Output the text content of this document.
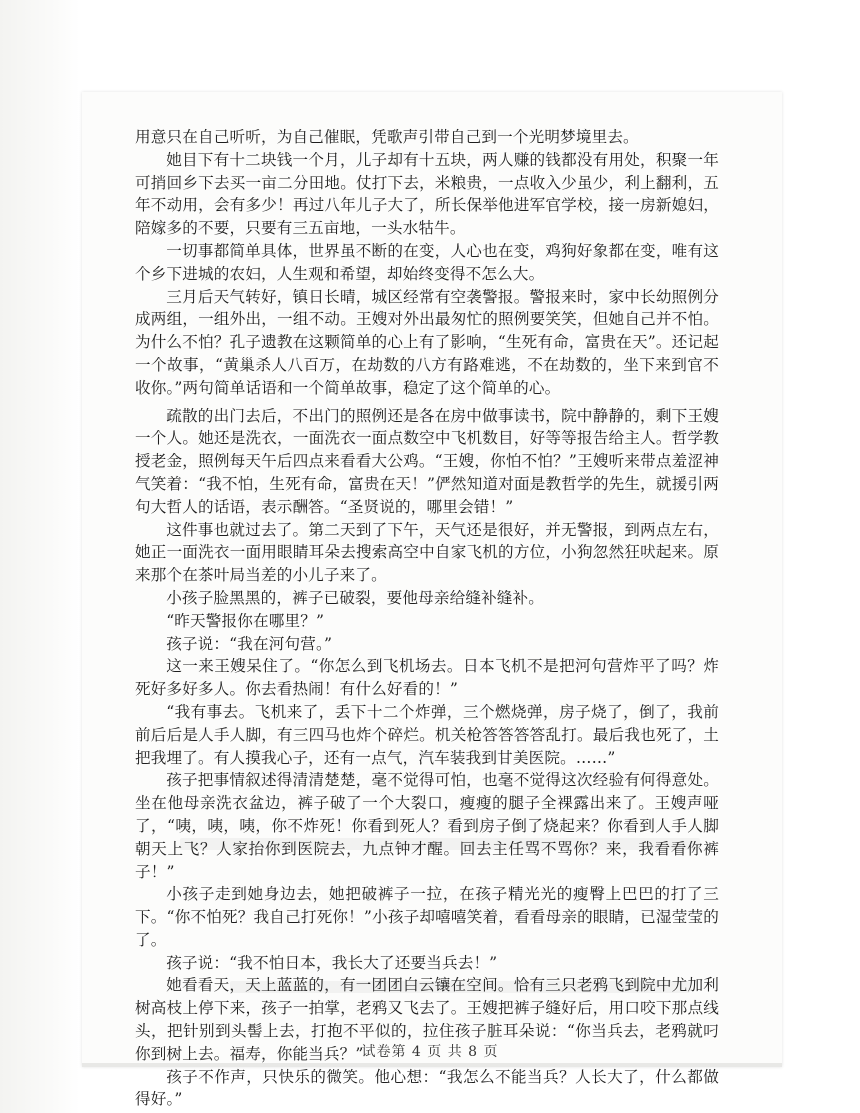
用意只在自己听听，为自己催眠，凭歌声引带自己到一个光明梦境里去。

她目下有十二块钱一个月，儿子却有十五块，两人赚的钱都没有用处，积聚一年可捎回乡下去买一亩二分田地。仗打下去，米粮贵，一点收入少虽少，利上翻利，五年不动用，会有多少！再过八年儿子大了，所长保举他进军官学校，接一房新媳妇，陪嫁多的不要，只要有三五亩地，一头水牯牛。

一切事都简单具体，世界虽不断的在变，人心也在变，鸡狗好象都在变，唯有这个乡下进城的农妇，人生观和希望，却始终变得不怎么大。

三月后天气转好，镇日长晴，城区经常有空袭警报。警报来时，家中长幼照例分成两组，一组外出，一组不动。王嫂对外出最匆忙的照例要笑笑，但她自己并不怕。为什么不怕？孔子遗教在这颗简单的心上有了影响，“生死有命，富贵在天”。还记起一个故事，“黄巢杀人八百万，在劫数的八方有路难逃，不在劫数的，坐下来到官不收你。”两句简单话语和一个简单故事，稳定了这个简单的心。

疏散的出门去后，不出门的照例还是各在房中做事读书，院中静静的，剩下王嫂一个人。她还是洗衣，一面洗衣一面点数空中飞机数目，好等等报告给主人。哲学教授老金，照例每天午后四点来看看大公鸡。“王嫂，你怕不怕？”王嫂听来带点羞涩神气笑着：“我不怕，生死有命，富贵在天！”俨然知道对面是教哲学的先生，就援引两句大哲人的话语，表示酬答。“圣贤说的，哪里会错！”

这件事也就过去了。第二天到了下午，天气还是很好，并无警报，到两点左右，她正一面洗衣一面用眼睛耳朵去搜索高空中自家飞机的方位，小狗忽然狂吠起来。原来那个在茶叶局当差的小儿子来了。

小孩子脸黑黑的，裤子已破裂，要他母亲给缝补缝补。

“昨天警报你在哪里？”

孩子说：“我在河句营。”

这一来王嫂呆住了。“你怎么到飞机场去。日本飞机不是把河句营炸平了吗？炸死好多好多人。你去看热闹！有什么好看的！”

“我有事去。飞机来了，丢下十二个炸弹，三个燃烧弹，房子烧了，倒了，我前前后后是人手人脚，有三四马也炸个碎烂。机关枪答答答答乱打。最后我也死了，土把我埋了。有人摸我心子，还有一点气，汽车装我到甘美医院。……”

孩子把事情叙述得清清楚楚，毫不觉得可怕，也毫不觉得这次经验有何得意处。坐在他母亲洗衣盆边，裤子破了一个大裂口，瘦瘦的腿子全裸露出来了。王嫂声哑了，“咦，咦，咦，你不炸死！你看到死人？看到房子倒了烧起来？你看到人手人脚朝天上飞？人家抬你到医院去，九点钟才醒。回去主任骂不骂你？来，我看看你裤子！”

小孩子走到她身边去，她把破裤子一拉，在孩子精光光的瘦臀上巴巴的打了三下。“你不怕死？我自己打死你！”小孩子却嘻嘻笑着，看看母亲的眼睛，已湿莹莹的了。

孩子说：“我不怕日本，我长大了还要当兵去！”

她看看天，天上蓝蓝的，有一团团白云镶在空间。恰有三只老鸦飞到院中尤加利树高枝上停下来，孩子一拍掌，老鸦又飞去了。王嫂把裤子缝好后，用口咬下那点线头，把针别到头髻上去，打抱不平似的，拉住孩子脏耳朵说：“你当兵去，老鸦就叼你到树上去。福寿，你能当兵？”

孩子不作声，只快乐的微笑。他心想：“我怎么不能当兵？人长大了，什么都做得好。”

试卷第 4 页 共 8 页
